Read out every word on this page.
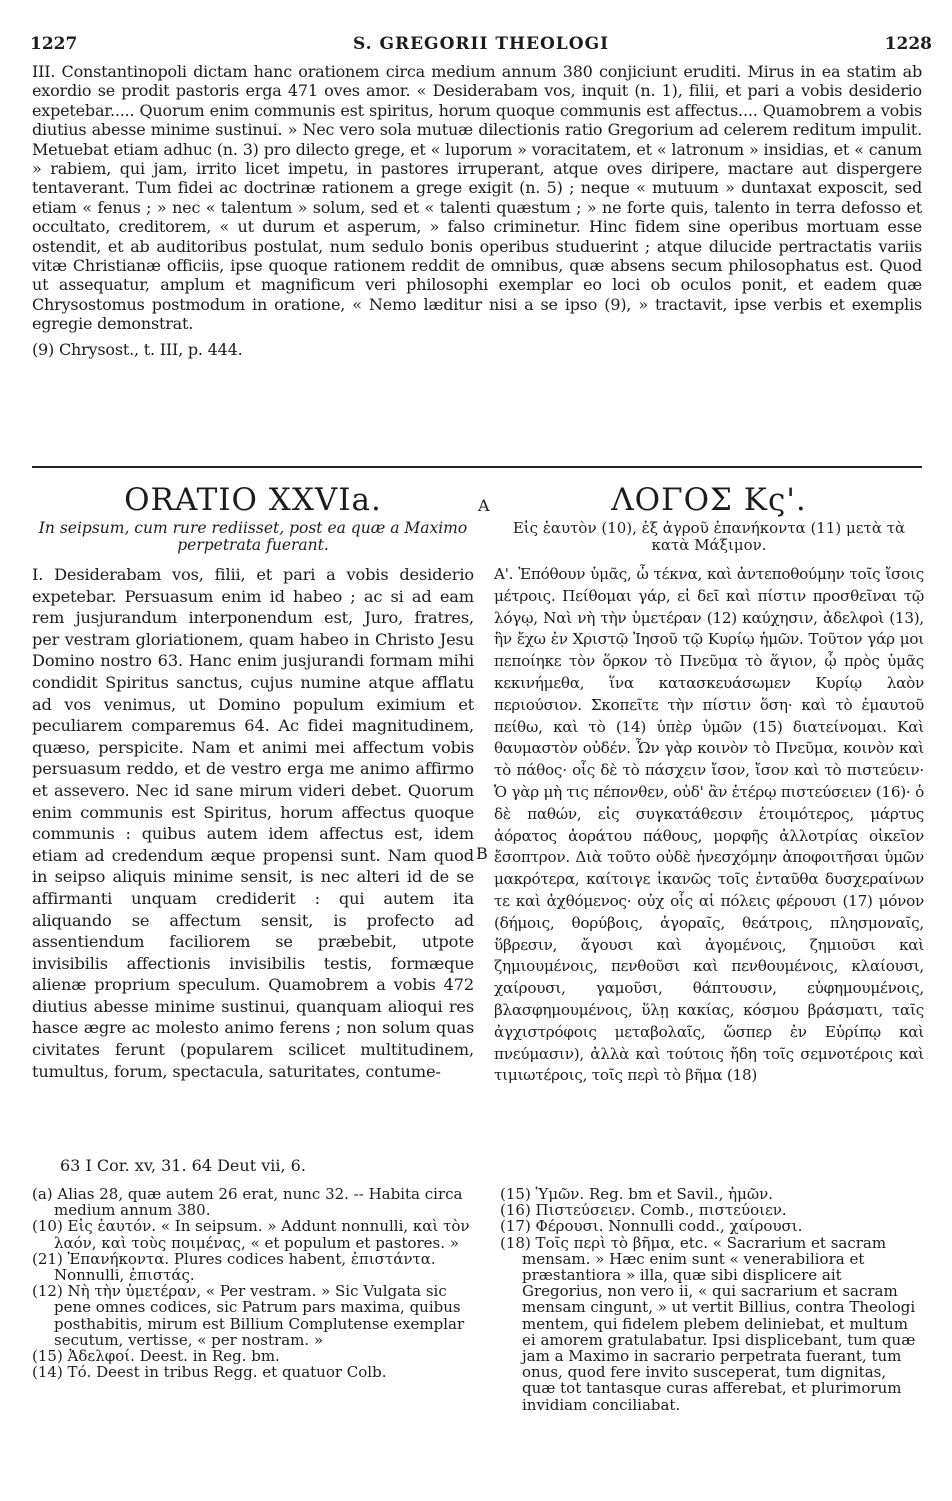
1227	S. GREGORII THEOLOGI	1228

III. Constantinopoli dictam hanc orationem circa medium annum 380 conjiciunt eruditi. Mirus in ea statim ab exordio se prodit pastoris erga 471 oves amor. « Desiderabam vos, inquit (n. 1), filii, et pari a vobis desiderio expetebar..... Quorum enim communis est spiritus, horum quoque communis est affectus.... Quamobrem a vobis diutius abesse minime sustinui. » Nec vero sola mutuæ dilectionis ratio Gregorium ad celerem reditum impulit. Metuebat etiam adhuc (n. 3) pro dilecto grege, et « luporum » voracitatem, et « latronum » insidias, et « canum » rabiem, qui jam, irrito licet impetu, in pastores irruperant, atque oves diripere, mactare aut dispergere tentaverant. Tum fidei ac doctrinæ rationem a grege exigit (n. 5) ; neque « mutuum » duntaxat exposcit, sed etiam « fenus ; » nec « talentum » solum, sed et « talenti quæstum ; » ne forte quis, talento in terra defosso et occultato, creditorem, « ut durum et asperum, » falso criminetur. Hinc fidem sine operibus mortuam esse ostendit, et ab auditoribus postulat, num sedulo bonis operibus studuerint ; atque dilucide pertractatis variis vitæ Christianæ officiis, ipse quoque rationem reddit de omnibus, quæ absens secum philosophatus est. Quod ut assequatur, amplum et magnificum veri philosophi exemplar eo loci ob oculos ponit, et eadem quæ Chrysostomus postmodum in oratione, « Nemo læditur nisi a se ipso (9), » tractavit, ipse verbis et exemplis egregie demonstrat.

(9) Chrysost., t. III, p. 444.
A
B
ORATIO XXVIa.
In seipsum, cum rure rediisset, post ea quæ a Maximo perpetrata fuerant.

I. Desiderabam vos, filii, et pari a vobis desiderio expetebar. Persuasum enim id habeo ; ac si ad eam rem jusjurandum interponendum est, Juro, fratres, per vestram gloriationem, quam habeo in Christo Jesu Domino nostro 63. Hanc enim jusjurandi formam mihi condidit Spiritus sanctus, cujus numine atque afflatu ad vos venimus, ut Domino populum eximium et peculiarem comparemus 64. Ac fidei magnitudinem, quæso, perspicite. Nam et animi mei affectum vobis persuasum reddo, et de vestro erga me animo affirmo et assevero. Nec id sane mirum videri debet. Quorum enim communis est Spiritus, horum affectus quoque communis : quibus autem idem affectus est, idem etiam ad credendum æque propensi sunt. Nam quod in seipso aliquis minime sensit, is nec alteri id de se affirmanti unquam crediderit : qui autem ita aliquando se affectum sensit, is profecto ad assentiendum faciliorem se præbebit, utpote invisibilis affectionis invisibilis testis, formæque alienæ proprium speculum. Quamobrem a vobis 472 diutius abesse minime sustinui, quanquam alioqui res hasce ægre ac molesto animo ferens ; non solum quas civitates ferunt (popularem scilicet multitudinem, tumultus, forum, spectacula, saturitates, contume-

ΛΟΓΟΣ Κς'.
Εἰς ἑαυτὸν (10), ἐξ ἀγροῦ ἐπανήκοντα (11) μετὰ τὰ κατὰ Μάξιμον.

Α'. Ἐπόθουν ὑμᾶς, ὦ τέκνα, καὶ ἀντεποθούμην τοῖς ἴσοις μέτροις. Πείθομαι γάρ, εἰ δεῖ καὶ πίστιν προσθεῖναι τῷ λόγῳ, Ναὶ νὴ τὴν ὑμετέραν (12) καύχησιν, ἀδελφοὶ (13), ἣν ἔχω ἐν Χριστῷ Ἰησοῦ τῷ Κυρίῳ ἡμῶν. Τοῦτον γάρ μοι πεποίηκε τὸν ὅρκον τὸ Πνεῦμα τὸ ἅγιον, ᾧ πρὸς ὑμᾶς κεκινήμεθα, ἵνα κατασκευάσωμεν Κυρίῳ λαὸν περιούσιον. Σκοπεῖτε τὴν πίστιν ὅση· καὶ τὸ ἐμαυτοῦ πείθω, καὶ τὸ (14) ὑπὲρ ὑμῶν (15) διατείνομαι. Καὶ θαυμαστὸν οὐδέν. Ὧν γὰρ κοινὸν τὸ Πνεῦμα, κοινὸν καὶ τὸ πάθος· οἷς δὲ τὸ πάσχειν ἴσον, ἴσον καὶ τὸ πιστεύειν· Ὁ γὰρ μὴ τις πέπονθεν, οὐδ' ἂν ἑτέρῳ πιστεύσειεν (16)· ὁ δὲ παθών, εἰς συγκατάθεσιν ἑτοιμότερος, μάρτυς ἀόρατος ἀοράτου πάθους, μορφῆς ἀλλοτρίας οἰκεῖον ἔσοπτρον. Διὰ τοῦτο οὐδὲ ἠνεσχόμην ἀποφοιτῆσαι ὑμῶν μακρότερα, καίτοιγε ἱκανῶς τοῖς ἐνταῦθα δυσχεραίνων τε καὶ ἀχθόμενος· οὐχ οἷς αἱ πόλεις φέρουσι (17) μόνον (δήμοις, θορύβοις, ἀγοραῖς, θεάτροις, πλησμοναῖς, ὕβρεσιν, ἄγουσι καὶ ἀγομένοις, ζημιοῦσι καὶ ζημιουμένοις, πενθοῦσι καὶ πενθουμένοις, κλαίουσι, χαίρουσι, γαμοῦσι, θάπτουσιν, εὐφημουμένοις, βλασφημουμένοις, ὕλῃ κακίας, κόσμου βράσματι, ταῖς ἀγχιστρόφοις μεταβολαῖς, ὥσπερ ἐν Εὐρίπῳ καὶ πνεύμασιν), ἀλλὰ καὶ τούτοις ἤδη τοῖς σεμνοτέροις καὶ τιμιωτέροις, τοῖς περὶ τὸ βῆμα (18)

63 I Cor. xv, 31. 64 Deut vii, 6.
(a) Alias 28, quæ autem 26 erat, nunc 32. -- Habita circa medium annum 380.
(10) Εἰς ἑαυτόν. « In seipsum. » Addunt nonnulli, καὶ τὸν λαόν, καὶ τοὺς ποιμένας, « et populum et pastores. »
(21) Ἐπανήκοντα. Plures codices habent, ἐπιστάντα. Nonnulli, ἐπιστάς.
(12) Νὴ τὴν ὑμετέραν, « Per vestram. » Sic Vulgata sic pene omnes codices, sic Patrum pars maxima, quibus posthabitis, mirum est Billium Complutense exemplar secutum, vertisse, « per nostram. »
(15) Ἀδελφοί. Deest. in Reg. bm.
(14) Τό. Deest in tribus Regg. et quatuor Colb.
(15) Ὑμῶν. Reg. bm et Savil., ἡμῶν.
(16) Πιστεύσειεν. Comb., πιστεύοιεν.
(17) Φέρουσι. Nonnulli codd., χαίρουσι.
(18) Τοῖς περὶ τὸ βῆμα, etc. « Sacrarium et sacram mensam. » Hæc enim sunt « venerabiliora et præstantiora » illa, quæ sibi displicere ait Gregorius, non vero ii, « qui sacrarium et sacram mensam cingunt, » ut vertit Billius, contra Theologi mentem, qui fidelem plebem deliniebat, et multum ei amorem gratulabatur. Ipsi displicebant, tum quæ jam a Maximo in sacrario perpetrata fuerant, tum onus, quod fere invito susceperat, tum dignitas, quæ tot tantasque curas afferebat, et plurimorum invidiam conciliabat.
